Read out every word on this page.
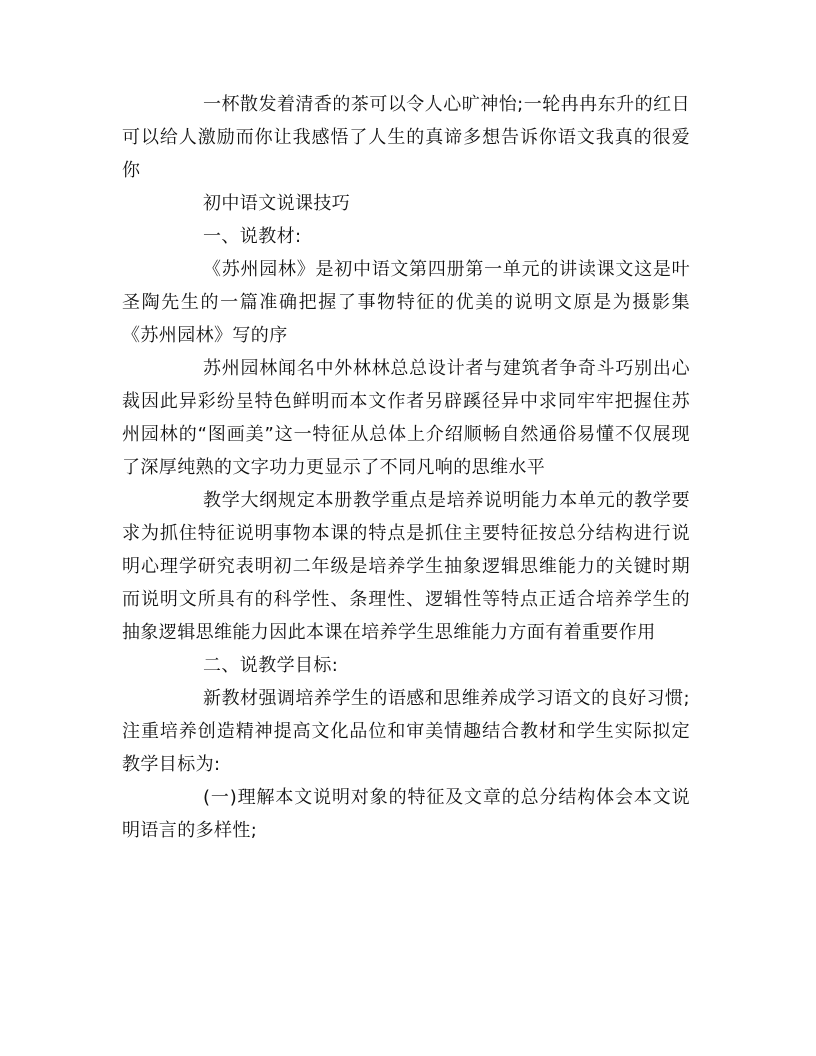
一杯散发着清香的茶可以令人心旷神怡;一轮冉冉东升的红日可以给人激励而你让我感悟了人生的真谛多想告诉你语文我真的很爱你

初中语文说课技巧

一、说教材:

《苏州园林》是初中语文第四册第一单元的讲读课文这是叶圣陶先生的一篇准确把握了事物特征的优美的说明文原是为摄影集《苏州园林》写的序

苏州园林闻名中外林林总总设计者与建筑者争奇斗巧别出心裁因此异彩纷呈特色鲜明而本文作者另辟蹊径异中求同牢牢把握住苏州园林的“图画美”这一特征从总体上介绍顺畅自然通俗易懂不仅展现了深厚纯熟的文字功力更显示了不同凡响的思维水平

教学大纲规定本册教学重点是培养说明能力本单元的教学要求为抓住特征说明事物本课的特点是抓住主要特征按总分结构进行说明心理学研究表明初二年级是培养学生抽象逻辑思维能力的关键时期而说明文所具有的科学性、条理性、逻辑性等特点正适合培养学生的抽象逻辑思维能力因此本课在培养学生思维能力方面有着重要作用

二、说教学目标:

新教材强调培养学生的语感和思维养成学习语文的良好习惯;注重培养创造精神提高文化品位和审美情趣结合教材和学生实际拟定教学目标为:

(一)理解本文说明对象的特征及文章的总分结构体会本文说明语言的多样性;
